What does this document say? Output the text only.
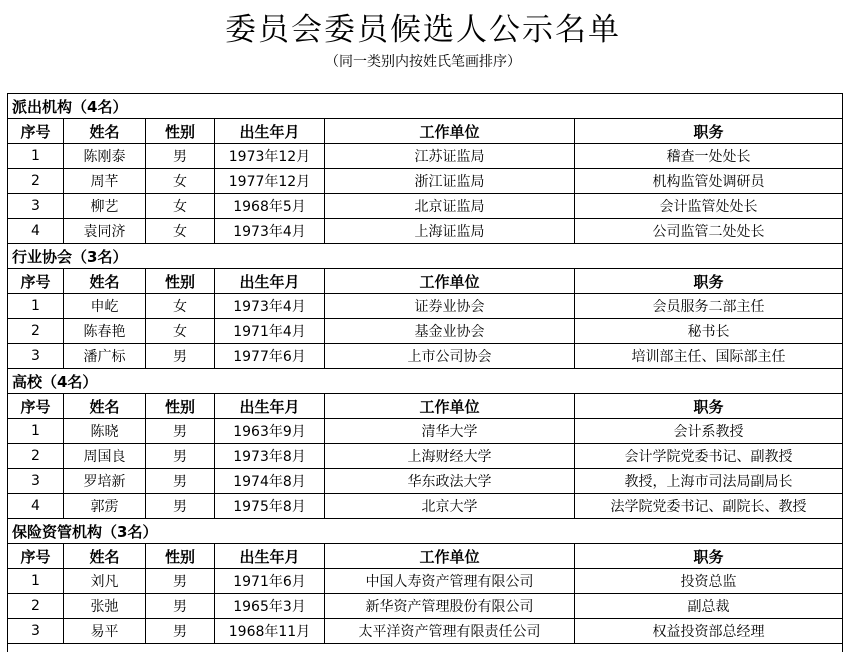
委员会委员候选人公示名单
（同一类别内按姓氏笔画排序）
派出机构（4名）					
序号	姓名	性别	出生年月	工作单位	职务
1	陈刚泰	男	1973年12月	江苏证监局	稽查一处处长
2	周芊	女	1977年12月	浙江证监局	机构监管处调研员
3	柳艺	女	1968年5月	北京证监局	会计监管处处长
4	袁同济	女	1973年4月	上海证监局	公司监管二处处长
行业协会（3名）					
序号	姓名	性别	出生年月	工作单位	职务
1	申屹	女	1973年4月	证券业协会	会员服务二部主任
2	陈春艳	女	1971年4月	基金业协会	秘书长
3	潘广标	男	1977年6月	上市公司协会	培训部主任、国际部主任
高校（4名）					
序号	姓名	性别	出生年月	工作单位	职务
1	陈晓	男	1963年9月	清华大学	会计系教授
2	周国良	男	1973年8月	上海财经大学	会计学院党委书记、副教授
3	罗培新	男	1974年8月	华东政法大学	教授，上海市司法局副局长
4	郭雳	男	1975年8月	北京大学	法学院党委书记、副院长、教授
保险资管机构（3名）					
序号	姓名	性别	出生年月	工作单位	职务
1	刘凡	男	1971年6月	中国人寿资产管理有限公司	投资总监
2	张弛	男	1965年3月	新华资产管理股份有限公司	副总裁
3	易平	男	1968年11月	太平洋资产管理有限责任公司	权益投资部总经理
